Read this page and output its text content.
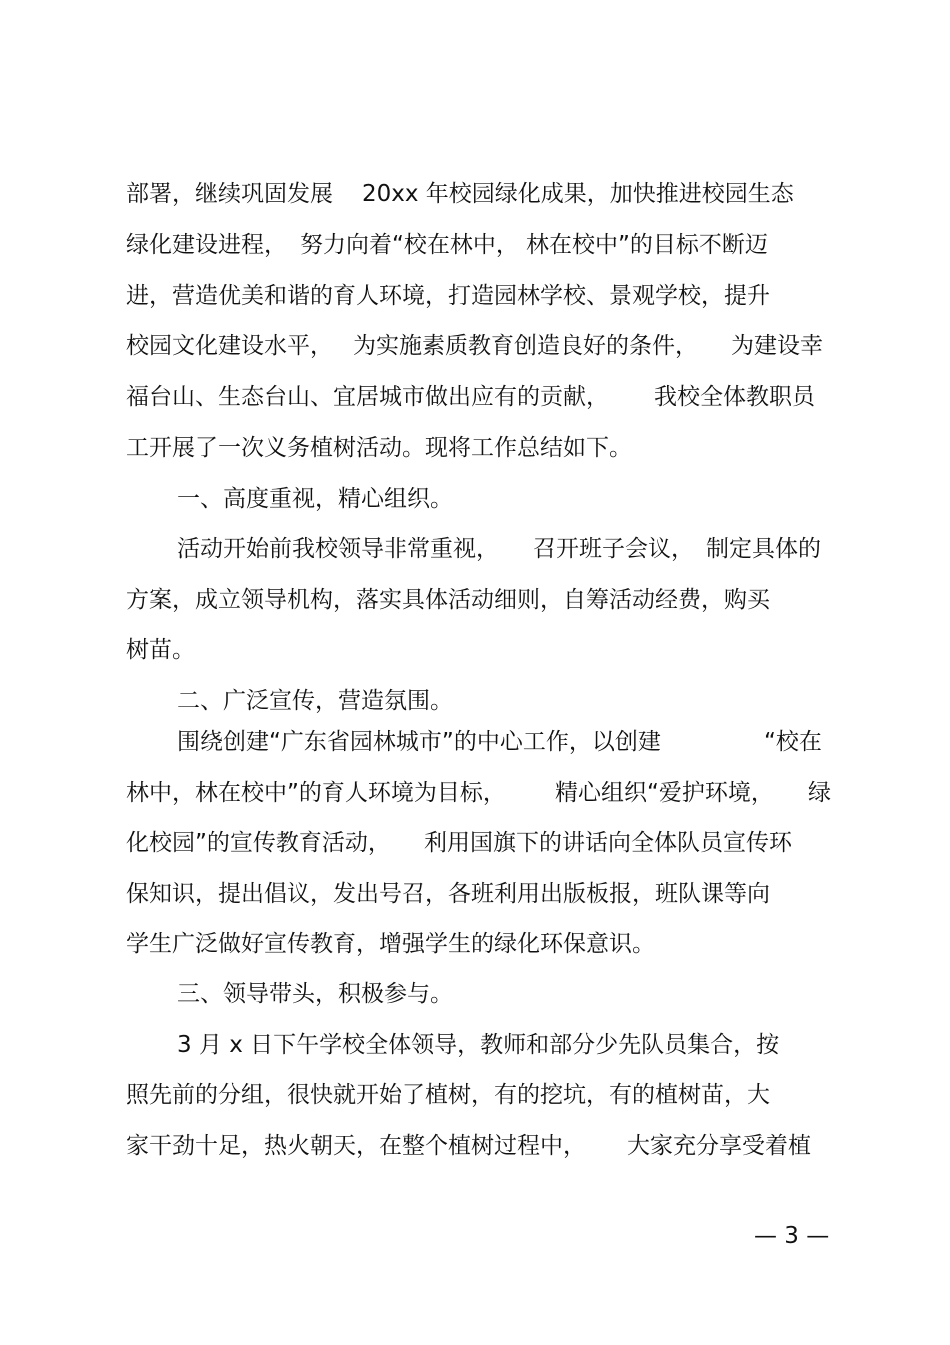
部署，继续巩固发展 20xx 年校园绿化成果，加快推进校园生态
绿化建设进程， 努力向着“校在林中， 林在校中”的目标不断迈
进，营造优美和谐的育人环境，打造园林学校、景观学校，提升
校园文化建设水平， 为实施素质教育创造良好的条件， 为建设幸
福台山、生态台山、宜居城市做出应有的贡献， 我校全体教职员
工开展了一次义务植树活动。现将工作总结如下。
一、高度重视，精心组织。
活动开始前我校领导非常重视， 召开班子会议， 制定具体的
方案，成立领导机构，落实具体活动细则，自筹活动经费，购买
树苗。
二、广泛宣传，营造氛围。
围绕创建“广东省园林城市”的中心工作，以创建	“校在
林中，林在校中”的育人环境为目标， 精心组织“爱护环境， 绿
化校园”的宣传教育活动， 利用国旗下的讲话向全体队员宣传环
保知识，提出倡议，发出号召，各班利用出版板报，班队课等向
学生广泛做好宣传教育，增强学生的绿化环保意识。
三、领导带头，积极参与。
3 月 x 日下午学校全体领导，教师和部分少先队员集合，按
照先前的分组，很快就开始了植树，有的挖坑，有的植树苗，大
家干劲十足，热火朝天，在整个植树过程中， 大家充分享受着植
— 3 —
